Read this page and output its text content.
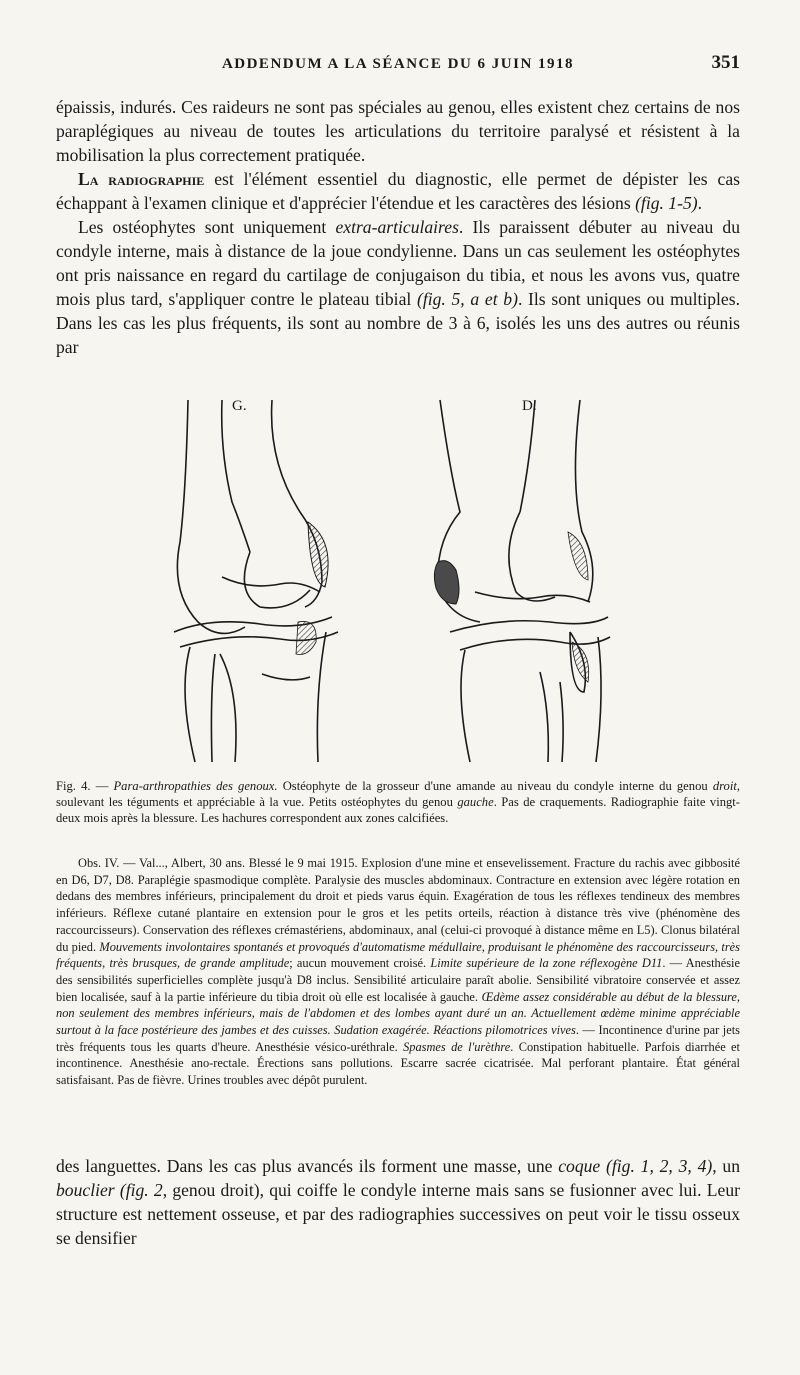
ADDENDUM A LA SÉANCE DU 6 JUIN 1918	351

épaissis, indurés. Ces raideurs ne sont pas spéciales au genou, elles existent chez certains de nos paraplégiques au niveau de toutes les articulations du territoire paralysé et résistent à la mobilisation la plus correctement pratiquée.

La radiographie est l'élément essentiel du diagnostic, elle permet de dépister les cas échappant à l'examen clinique et d'apprécier l'étendue et les caractères des lésions (fig. 1-5).

Les ostéophytes sont uniquement extra-articulaires. Ils paraissent débuter au niveau du condyle interne, mais à distance de la joue condylienne. Dans un cas seulement les ostéophytes ont pris naissance en regard du cartilage de conjugaison du tibia, et nous les avons vus, quatre mois plus tard, s'appliquer contre le plateau tibial (fig. 5, a et b). Ils sont uniques ou multiples. Dans les cas les plus fréquents, ils sont au nombre de 3 à 6, isolés les uns des autres ou réunis par

G.	D.

Fig. 4. — Para-arthropathies des genoux. Ostéophyte de la grosseur d'une amande au niveau du condyle interne du genou droit, soulevant les téguments et appréciable à la vue. Petits ostéophytes du genou gauche. Pas de craquements. Radiographie faite vingt-deux mois après la blessure. Les hachures correspondent aux zones calcifiées.

Obs. IV. — Val..., Albert, 30 ans. Blessé le 9 mai 1915. Explosion d'une mine et ensevelissement. Fracture du rachis avec gibbosité en D6, D7, D8. Paraplégie spasmodique complète. Paralysie des muscles abdominaux. Contracture en extension avec légère rotation en dedans des membres inférieurs, principalement du droit et pieds varus équin. Exagération de tous les réflexes tendineux des membres inférieurs. Réflexe cutané plantaire en extension pour le gros et les petits orteils, réaction à distance très vive (phénomène des raccourcisseurs). Conservation des réflexes crémastériens, abdominaux, anal (celui-ci provoqué à distance même en L5). Clonus bilatéral du pied. Mouvements involontaires spontanés et provoqués d'automatisme médullaire, produisant le phénomène des raccourcisseurs, très fréquents, très brusques, de grande amplitude; aucun mouvement croisé. Limite supérieure de la zone réflexogène D11. — Anesthésie des sensibilités superficielles complète jusqu'à D8 inclus. Sensibilité articulaire paraît abolie. Sensibilité vibratoire conservée et assez bien localisée, sauf à la partie inférieure du tibia droit où elle est localisée à gauche. Œdème assez considérable au début de la blessure, non seulement des membres inférieurs, mais de l'abdomen et des lombes ayant duré un an. Actuellement œdème minime appréciable surtout à la face postérieure des jambes et des cuisses. Sudation exagérée. Réactions pilomotrices vives. — Incontinence d'urine par jets très fréquents tous les quarts d'heure. Anesthésie vésico-uréthrale. Spasmes de l'urèthre. Constipation habituelle. Parfois diarrhée et incontinence. Anesthésie ano-rectale. Érections sans pollutions. Escarre sacrée cicatrisée. Mal perforant plantaire. État général satisfaisant. Pas de fièvre. Urines troubles avec dépôt purulent.

des languettes. Dans les cas plus avancés ils forment une masse, une coque (fig. 1, 2, 3, 4), un bouclier (fig. 2, genou droit), qui coiffe le condyle interne mais sans se fusionner avec lui. Leur structure est nettement osseuse, et par des radiographies successives on peut voir le tissu osseux se densifier
